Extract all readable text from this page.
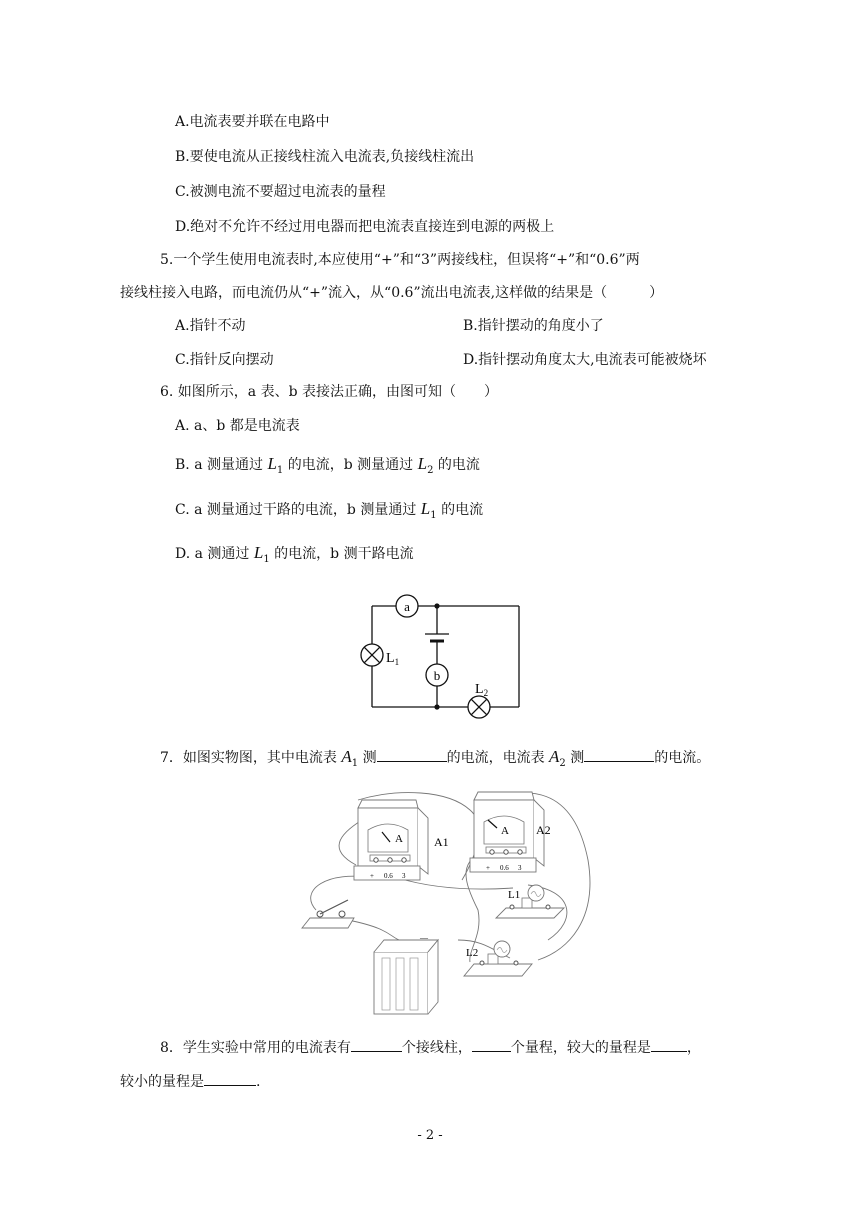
A.电流表要并联在电路中
B.要使电流从正接线柱流入电流表,负接线柱流出
C.被测电流不要超过电流表的量程
D.绝对不允许不经过用电器而把电流表直接连到电源的两极上
5.一个学生使用电流表时,本应使用“+”和“3”两接线柱，但误将“+”和“0.6”两
接线柱接入电路，而电流仍从“+”流入，从“0.6”流出电流表,这样做的结果是（　　　）
A.指针不动	B.指针摆动的角度小了
C.指针反向摆动	D.指针摆动角度太大,电流表可能被烧坏
6. 如图所示，a 表、b 表接法正确，由图可知（　　）
A. a、b 都是电流表
B. a 测量通过 $L_1$ 的电流，b 测量通过 $L_2$ 的电流
C. a 测量通过干路的电流，b 测量通过 $L_1$ 的电流
D. a 测通过 $L_1$ 的电流，b 测干路电流
a
b
$L_1$
$L_2$
7．如图实物图，其中电流表 $A_1$ 测	的电流，电流表 $A_2$ 测	的电流。
A
+ 0.6 3
A1
A
+ 0.6 3
A2
L1
L2
—
8．学生实验中常用的电流表有	个接线柱，	个量程，较大的量程是	，
较小的量程是	.
- 2 -
